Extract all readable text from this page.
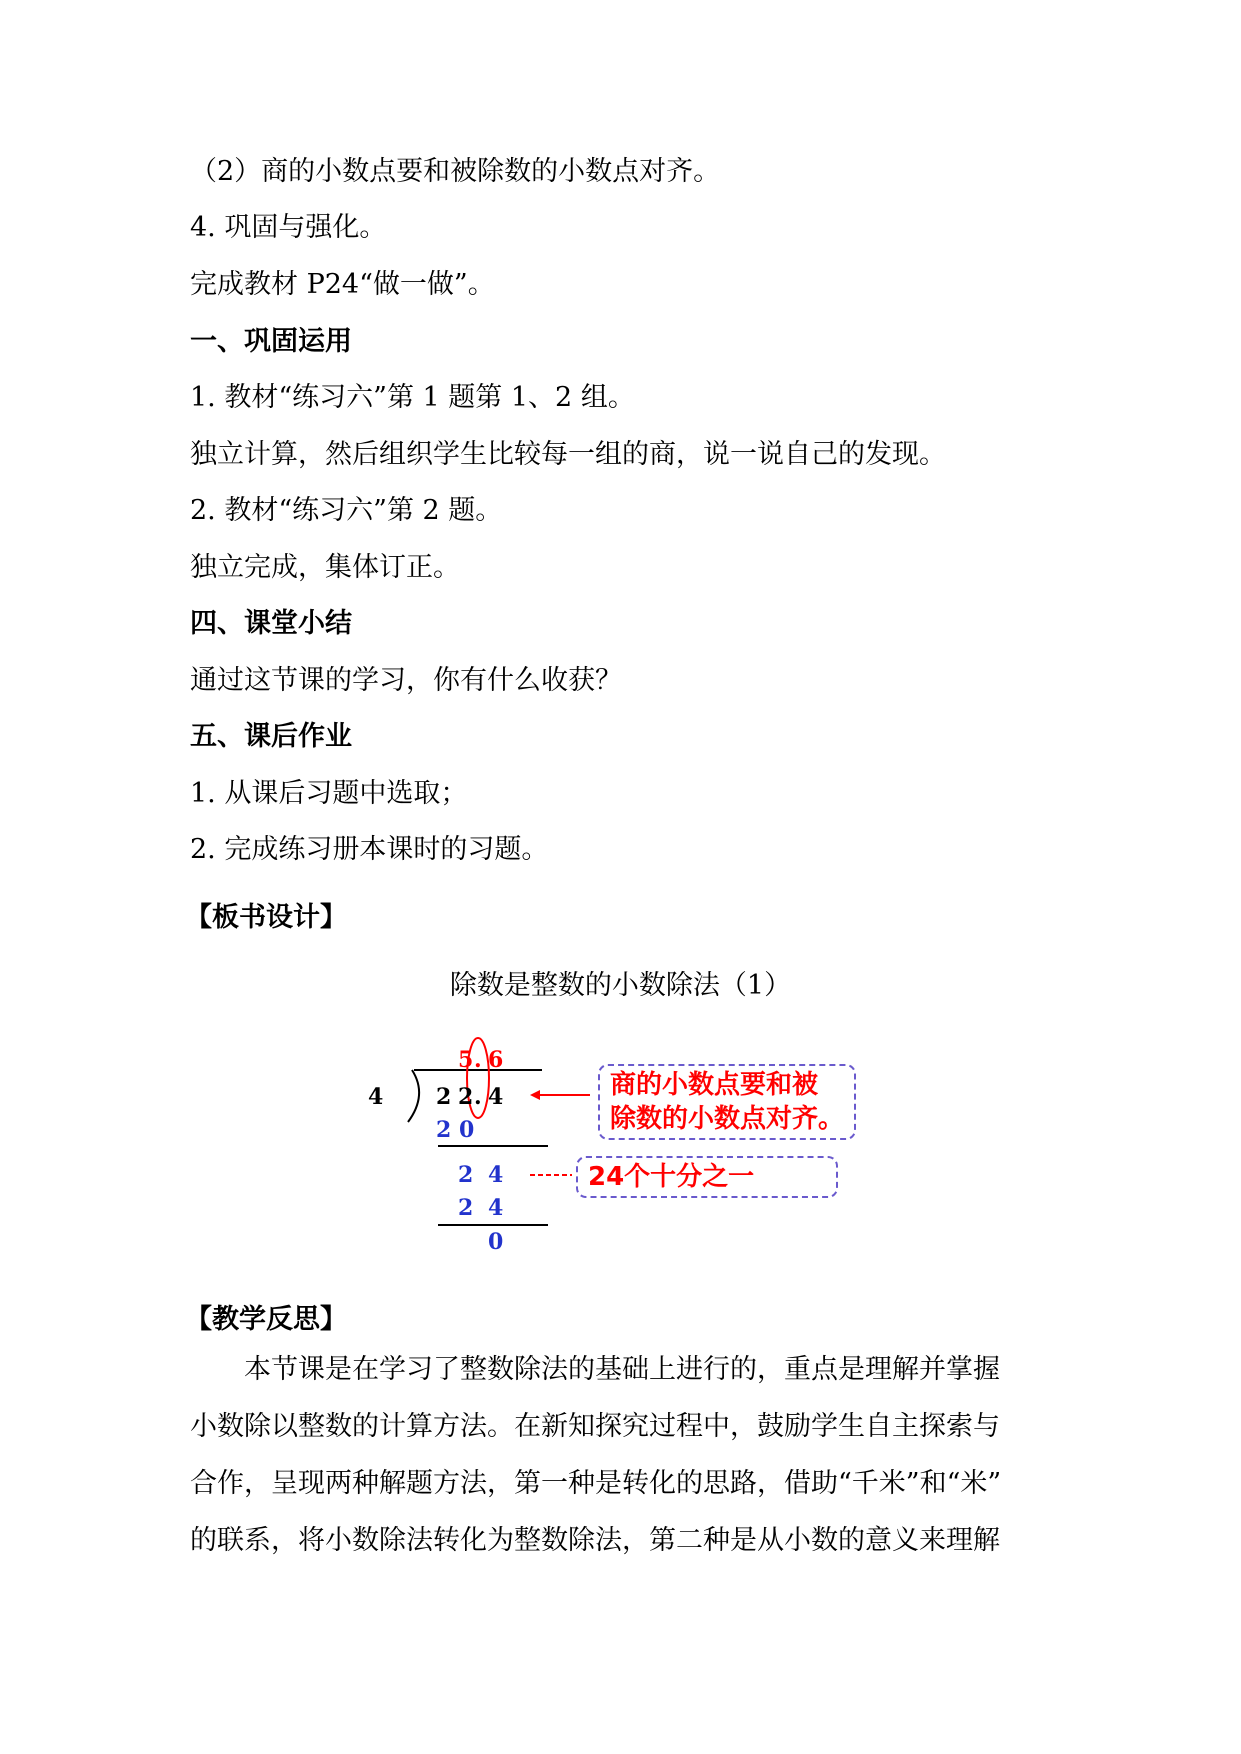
（2）商的小数点要和被除数的小数点对齐。
4. 巩固与强化。
完成教材 P24“做一做”。
一、巩固运用
1. 教材“练习六”第 1 题第 1、2 组。
独立计算，然后组织学生比较每一组的商，说一说自己的发现。
2. 教材“练习六”第 2 题。
独立完成，集体订正。
四、课堂小结
通过这节课的学习，你有什么收获？
五、课后作业
1. 从课后习题中选取；
2. 完成练习册本课时的习题。
【板书设计】
除数是整数的小数除法（1）
5 . 6
4 2 2 . 4
2 0
2 4
2 4
0
商的小数点要和被
除数的小数点对齐。
24个十分之一
【教学反思】
本节课是在学习了整数除法的基础上进行的，重点是理解并掌握
小数除以整数的计算方法。在新知探究过程中，鼓励学生自主探索与
合作，呈现两种解题方法，第一种是转化的思路，借助“千米”和“米”
的联系，将小数除法转化为整数除法，第二种是从小数的意义来理解
